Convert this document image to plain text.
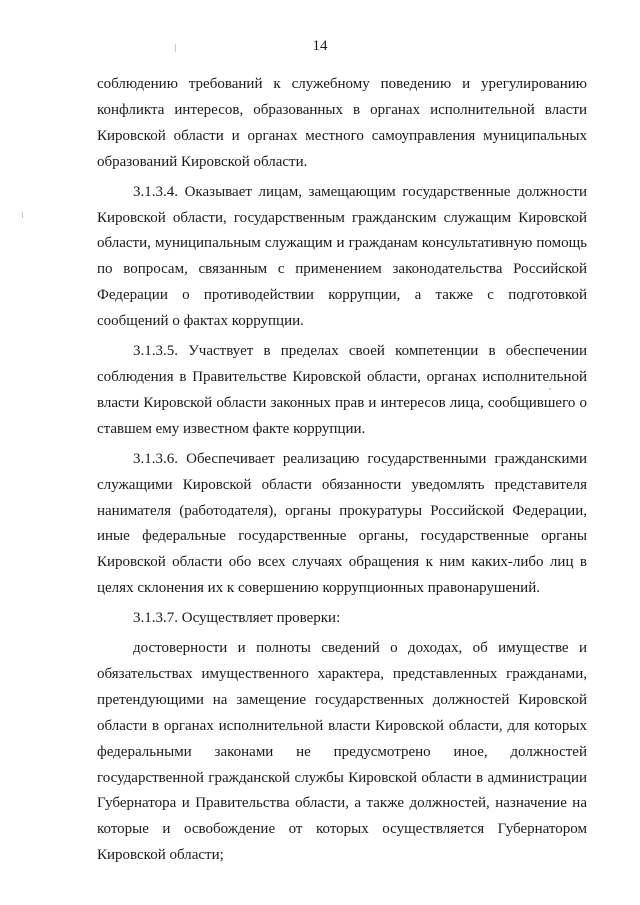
14

соблюдению требований к служебному поведению и урегулированию конфликта интересов, образованных в органах исполнительной власти Кировской области и органах местного самоуправления муниципальных образований Кировской области.

3.1.3.4. Оказывает лицам, замещающим государственные должности Кировской области, государственным гражданским служащим Кировской области, муниципальным служащим и гражданам консультативную помощь по вопросам, связанным с применением законодательства Российской Федерации о противодействии коррупции, а также с подготовкой сообщений о фактах коррупции.

3.1.3.5. Участвует в пределах своей компетенции в обеспечении соблюдения в Правительстве Кировской области, органах исполнительной власти Кировской области законных прав и интересов лица, сообщившего о ставшем ему известном факте коррупции.

3.1.3.6. Обеспечивает реализацию государственными гражданскими служащими Кировской области обязанности уведомлять представителя нанимателя (работодателя), органы прокуратуры Российской Федерации, иные федеральные государственные органы, государственные органы Кировской области обо всех случаях обращения к ним каких-либо лиц в целях склонения их к совершению коррупционных правонарушений.

3.1.3.7. Осуществляет проверки:

достоверности и полноты сведений о доходах, об имуществе и обязательствах имущественного характера, представленных гражданами, претендующими на замещение государственных должностей Кировской области в органах исполнительной власти Кировской области, для которых федеральными законами не предусмотрено иное, должностей государственной гражданской службы Кировской области в администрации Губернатора и Правительства области, а также должностей, назначение на которые и освобождение от которых осуществляется Губернатором Кировской области;
